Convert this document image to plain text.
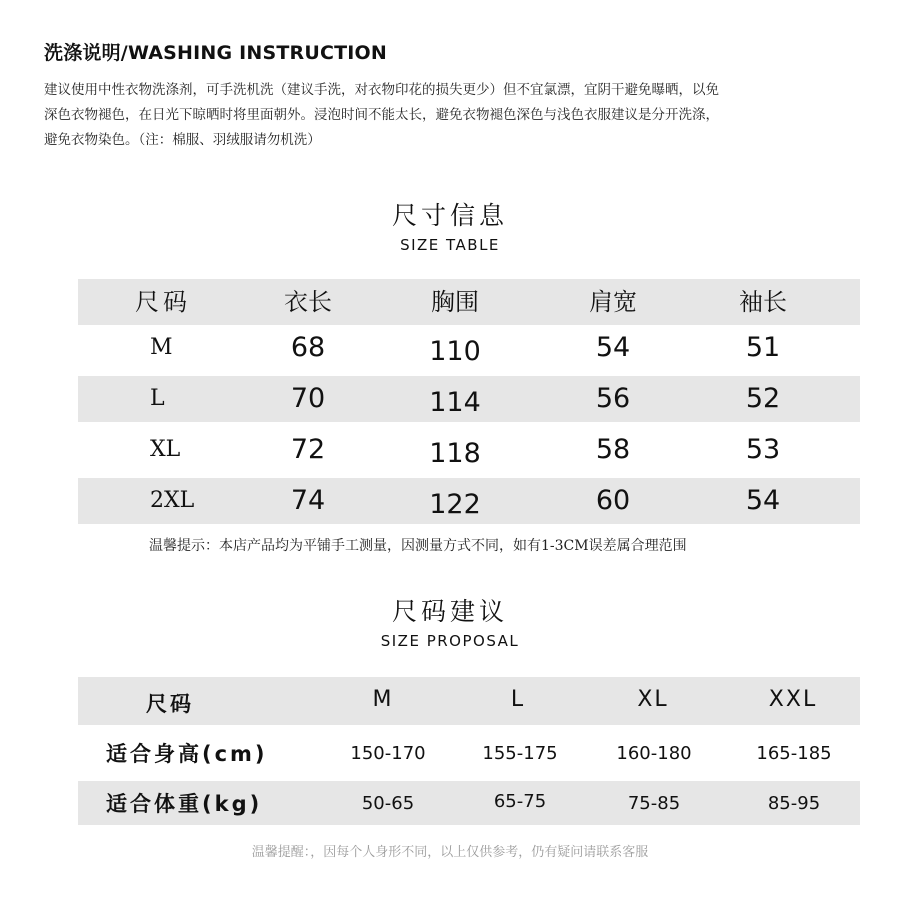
洗涤说明/WASHING INSTRUCTION
建议使用中性衣物洗涤剂，可手洗机洗（建议手洗，对衣物印花的损失更少）但不宜氯漂，宜阴干避免曝晒，以免
深色衣物褪色，在日光下晾晒时将里面朝外。浸泡时间不能太长，避免衣物褪色深色与浅色衣服建议是分开洗涤，
避免衣物染色。（注：棉服、羽绒服请勿机洗）
尺寸信息
SIZE TABLE
尺码	衣长	胸围	肩宽	袖长
M	68	110	54	51
L	70	114	56	52
XL	72	118	58	53
2XL	74	122	60	54
温馨提示：本店产品均为平铺手工测量，因测量方式不同，如有1-3CM误差属合理范围
尺码建议
SIZE PROPOSAL
尺码	M	L	XL	XXL
适合身高(cm)	150-170	155-175	160-180	165-185
适合体重(kg)	50-65	65-75	75-85	85-95
温馨提醒：，因每个人身形不同，以上仅供参考，仍有疑问请联系客服
